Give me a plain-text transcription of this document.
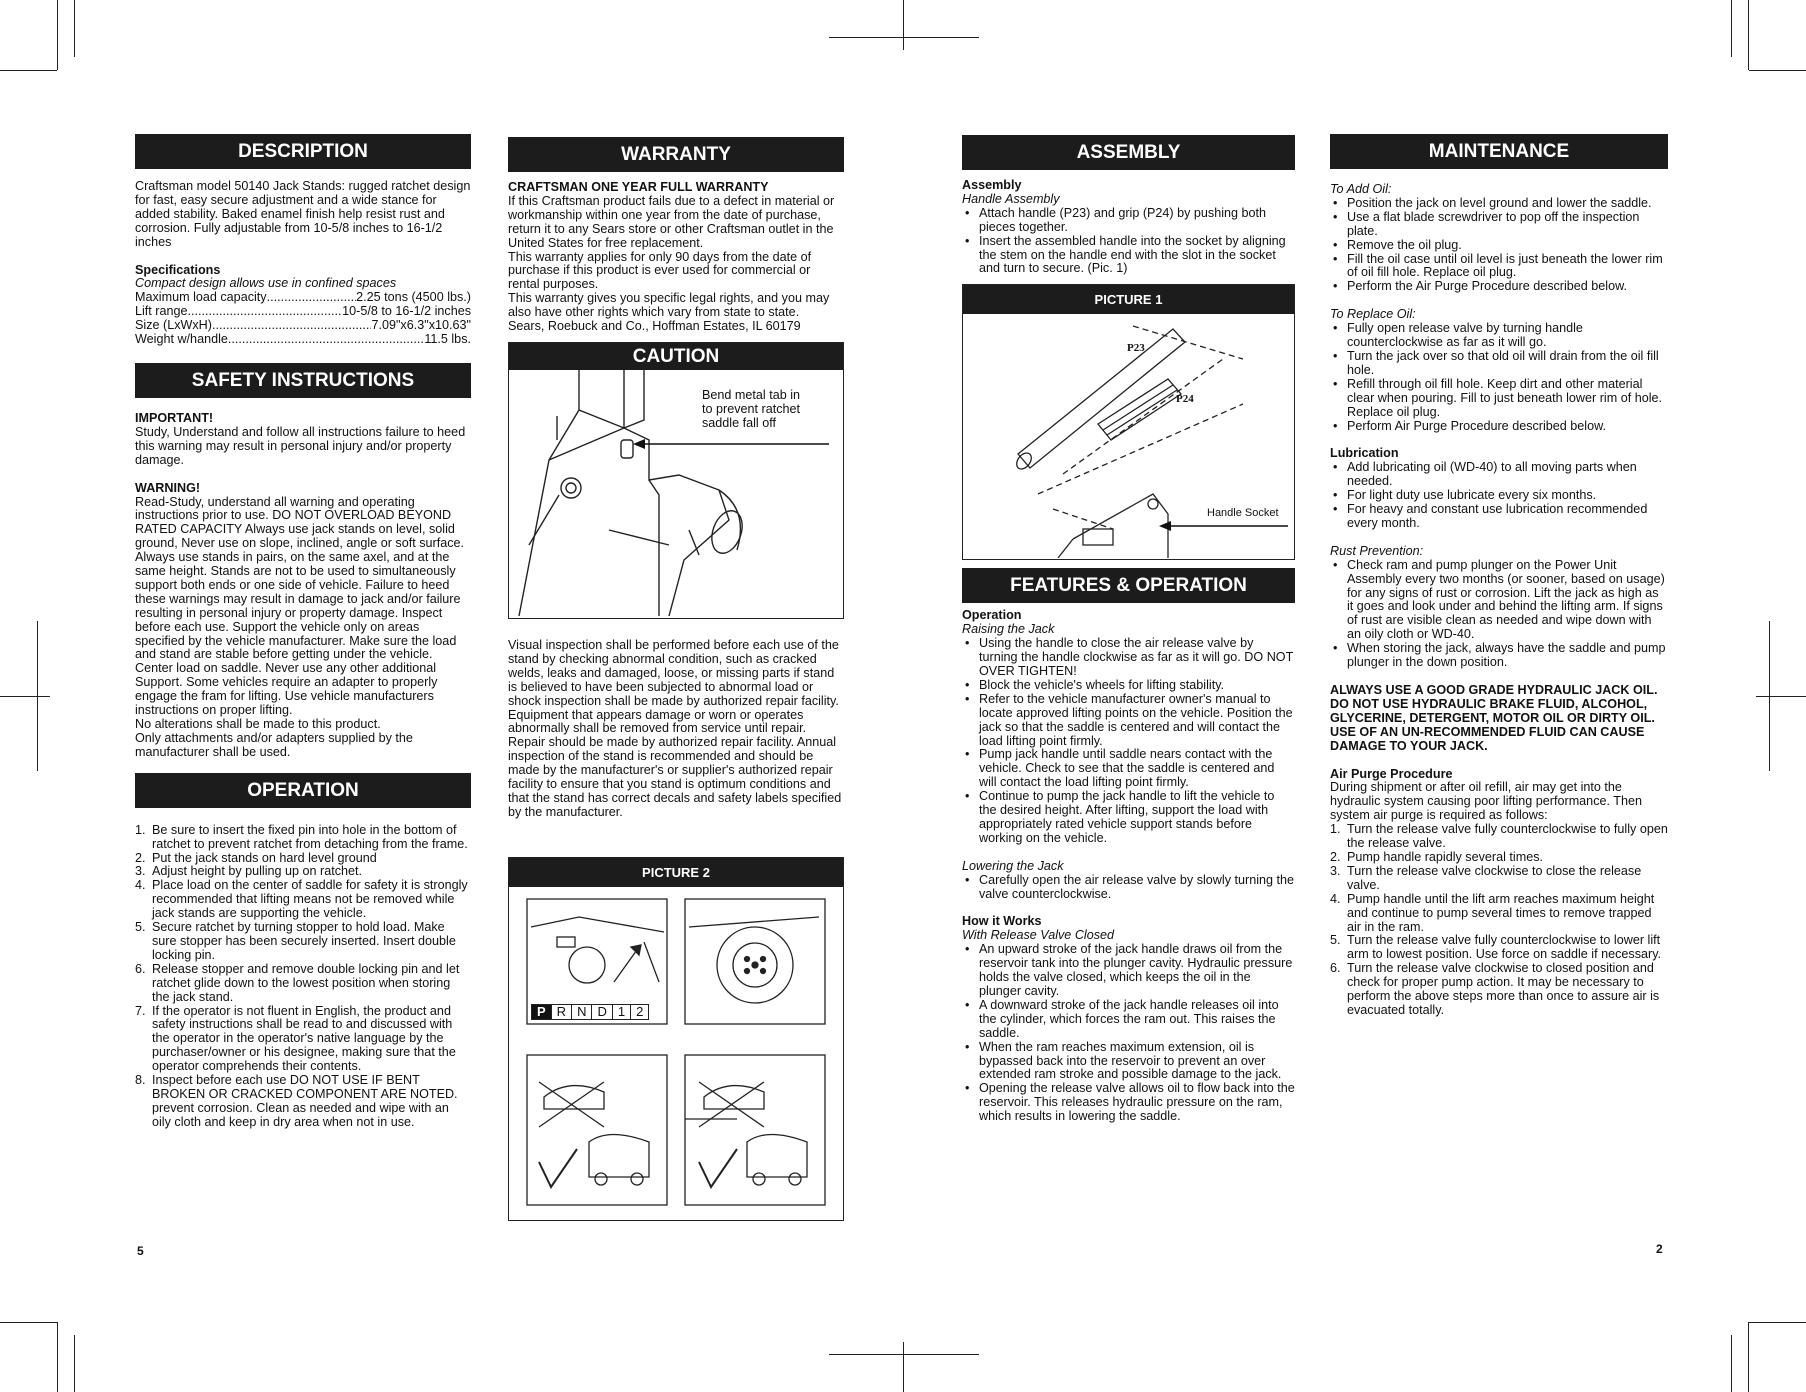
DESCRIPTION

Craftsman model 50140 Jack Stands: rugged ratchet design for fast, easy secure adjustment and a wide stance for added stability. Baked enamel finish help resist rust and corrosion. Fully adjustable from 10-5/8 inches to 16-1/2 inches

Specifications

Compact design allows use in confined spaces

Maximum load capacity .....	2.25 tons (4500 lbs.)
Lift range .....	10-5/8 to 16-1/2 inches
Size (LxWxH) .....	7.09"x6.3"x10.63"
Weight w/handle .....	11.5 lbs.
SAFETY INSTRUCTIONS

IMPORTANT!

Study, Understand and follow all instructions failure to heed this warning may result in personal injury and/or property damage.

WARNING!

Read-Study, understand all warning and operating instructions prior to use. DO NOT OVERLOAD BEYOND RATED CAPACITY Always use jack stands on level, solid ground, Never use on slope, inclined, angle or soft surface. Always use stands in pairs, on the same axel, and at the same height. Stands are not to be used to simultaneously support both ends or one side of vehicle. Failure to heed these warnings may result in damage to jack and/or failure resulting in personal injury or property damage. Inspect before each use. Support the vehicle only on areas specified by the vehicle manufacturer. Make sure the load and stand are stable before getting under the vehicle. Center load on saddle. Never use any other additional Support. Some vehicles require an adapter to properly engage the fram for lifting. Use vehicle manufacturers instructions on proper lifting.

No alterations shall be made to this product.

Only attachments and/or adapters supplied by the manufacturer shall be used.

OPERATION
Be sure to insert the fixed pin into hole in the bottom of ratchet to prevent ratchet from detaching from the frame.
Put the jack stands on hard level ground
Adjust height by pulling up on ratchet.
Place load on the center of saddle for safety it is strongly recommended that lifting means not be removed while jack stands are supporting the vehicle.
Secure ratchet by turning stopper to hold load. Make sure stopper has been securely inserted. Insert double locking pin.
Release stopper and remove double locking pin and let ratchet glide down to the lowest position when storing the jack stand.
If the operator is not fluent in English, the product and safety instructions shall be read to and discussed with the operator in the operator's native language by the purchaser/owner or his designee, making sure that the operator comprehends their contents.
Inspect before each use DO NOT USE IF BENT BROKEN OR CRACKED COMPONENT ARE NOTED. prevent corrosion. Clean as needed and wipe with an oily cloth and keep in dry area when not in use.
5
WARRANTY

CRAFTSMAN ONE YEAR FULL WARRANTY

If this Craftsman product fails due to a defect in material or workmanship within one year from the date of purchase, return it to any Sears store or other Craftsman outlet in the United States for free replacement.

This warranty applies for only 90 days from the date of purchase if this product is ever used for commercial or rental purposes.

This warranty gives you specific legal rights, and you may also have other rights which vary from state to state.

Sears, Roebuck and Co., Hoffman Estates, IL 60179

CAUTION

Bend metal tab in to prevent ratchet saddle fall off

Visual inspection shall be performed before each use of the stand by checking abnormal condition, such as cracked welds, leaks and damaged, loose, or missing parts if stand is believed to have been subjected to abnormal load or shock inspection shall be made by authorized repair facility. Equipment that appears damage or worn or operates abnormally shall be removed from service until repair. Repair should be made by authorized repair facility. Annual inspection of the stand is recommended and should be made by the manufacturer's or supplier's authorized repair facility to ensure that you stand is optimum conditions and that the stand has correct decals and safety labels specified by the manufacturer.

PICTURE 2
P R N D 1 2
ASSEMBLY

Assembly

Handle Assembly

• Attach handle (P23) and grip (P24) by pushing both pieces together.
• Insert the assembled handle into the socket by aligning the stem on the handle end with the slot in the socket and turn to secure. (Pic. 1)
PICTURE 1
P23
P24
Handle Socket
FEATURES & OPERATION

Operation

Raising the Jack

• Using the handle to close the air release valve by turning the handle clockwise as far as it will go. DO NOT OVER TIGHTEN!
• Block the vehicle's wheels for lifting stability.
• Refer to the vehicle manufacturer owner's manual to locate approved lifting points on the vehicle. Position the jack so that the saddle is centered and will contact the load lifting point firmly.
• Pump jack handle until saddle nears contact with the vehicle. Check to see that the saddle is centered and will contact the load lifting point firmly.
• Continue to pump the jack handle to lift the vehicle to the desired height. After lifting, support the load with appropriately rated vehicle support stands before working on the vehicle.

Lowering the Jack

• Carefully open the air release valve by slowly turning the valve counterclockwise.

How it Works

With Release Valve Closed

• An upward stroke of the jack handle draws oil from the reservoir tank into the plunger cavity. Hydraulic pressure holds the valve closed, which keeps the oil in the plunger cavity.
• A downward stroke of the jack handle releases oil into the cylinder, which forces the ram out. This raises the saddle.
• When the ram reaches maximum extension, oil is bypassed back into the reservoir to prevent an over extended ram stroke and possible damage to the jack.
• Opening the release valve allows oil to flow back into the reservoir. This releases hydraulic pressure on the ram, which results in lowering the saddle.
MAINTENANCE

To Add Oil:

• Position the jack on level ground and lower the saddle.
• Use a flat blade screwdriver to pop off the inspection plate.
• Remove the oil plug.
• Fill the oil case until oil level is just beneath the lower rim of oil fill hole. Replace oil plug.
• Perform the Air Purge Procedure described below.

To Replace Oil:

• Fully open release valve by turning handle counterclockwise as far as it will go.
• Turn the jack over so that old oil will drain from the oil fill hole.
• Refill through oil fill hole. Keep dirt and other material clear when pouring. Fill to just beneath lower rim of hole. Replace oil plug.
• Perform Air Purge Procedure described below.

Lubrication

• Add lubricating oil (WD-40) to all moving parts when needed.
• For light duty use lubricate every six months.
• For heavy and constant use lubrication recommended every month.

Rust Prevention:

• Check ram and pump plunger on the Power Unit Assembly every two months (or sooner, based on usage) for any signs of rust or corrosion. Lift the jack as high as it goes and look under and behind the lifting arm. If signs of rust are visible clean as needed and wipe down with an oily cloth or WD-40.
• When storing the jack, always have the saddle and pump plunger in the down position.

ALWAYS USE A GOOD GRADE HYDRAULIC JACK OIL. DO NOT USE HYDRAULIC BRAKE FLUID, ALCOHOL, GLYCERINE, DETERGENT, MOTOR OIL OR DIRTY OIL. USE OF AN UN-RECOMMENDED FLUID CAN CAUSE DAMAGE TO YOUR JACK.

Air Purge Procedure

During shipment or after oil refill, air may get into the hydraulic system causing poor lifting performance. Then system air purge is required as follows:

Turn the release valve fully counterclockwise to fully open the release valve.
Pump handle rapidly several times.
Turn the release valve clockwise to close the release valve.
Pump handle until the lift arm reaches maximum height and continue to pump several times to remove trapped air in the ram.
Turn the release valve fully counterclockwise to lower lift arm to lowest position. Use force on saddle if necessary.
Turn the release valve clockwise to closed position and check for proper pump action. It may be necessary to perform the above steps more than once to assure air is evacuated totally.
2
